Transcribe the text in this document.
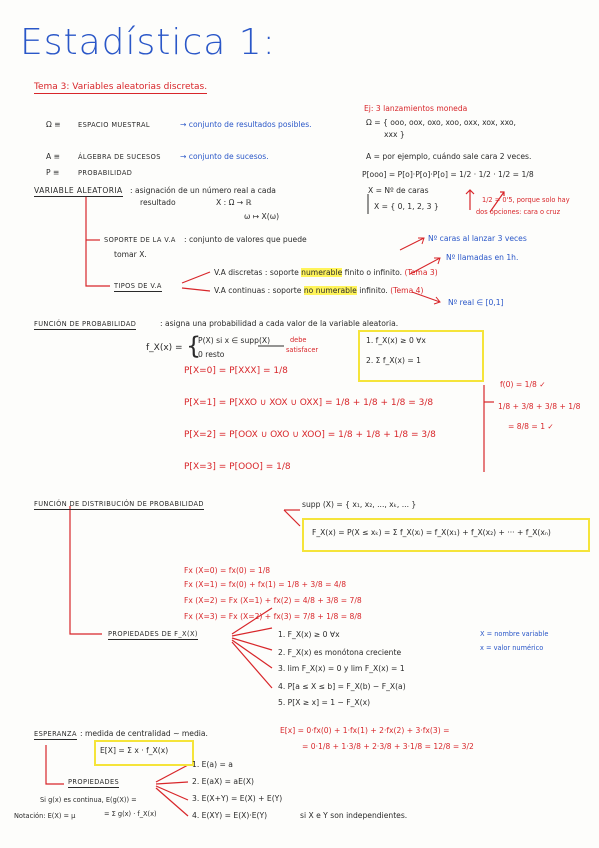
Estadística 1:
Tema 3: Variables aleatorias discretas.
Ej: 3 lanzamientos moneda
Ω = { ooo, oox, oxo, xoo, oxx, xox, xxo,
xxx }
A = por ejemplo, cuándo sale cara 2 veces.
P[ooo] = P[o]·P[o]·P[o] = 1/2 · 1/2 · 1/2 = 1/8
1/2 = 0'5, porque solo hay
dos opciones: cara o cruz
X = Nº de caras
X = { 0, 1, 2, 3 }
Nº caras al lanzar 3 veces
Nº llamadas en 1h.
Nº real ∈ [0,1]
Ω ≡	ESPACIO MUESTRAL	→ conjunto de resultados posibles.
A ≡	ÁLGEBRA DE SUCESOS	→ conjunto de sucesos.
P ≡	PROBABILIDAD
VARIABLE ALEATORIA : asignación de un número real a cada
resultado	X : Ω → ℝ
ω ↦ X(ω)
SOPORTE DE LA V.A : conjunto de valores que puede
tomar X.
TIPOS DE V.A
V.A discretas : soporte numerable finito o infinito. (Tema 3)
V.A continuas : soporte no numerable infinito. (Tema 4)
FUNCIÓN DE PROBABILIDAD	: asigna una probabilidad a cada valor de la variable aleatoria.
f_X(x) = {
P(X) si x ∈ supp(X)
0 resto
debe
satisfacer
1. f_X(x) ≥ 0 ∀x
2. Σ f_X(x) = 1
P[X=0] = P[XXX] = 1/8
P[X=1] = P[XXO ∪ XOX ∪ OXX] = 1/8 + 1/8 + 1/8 = 3/8
P[X=2] = P[OOX ∪ OXO ∪ XOO] = 1/8 + 1/8 + 1/8 = 3/8
P[X=3] = P[OOO] = 1/8
f(0) = 1/8 ✓
1/8 + 3/8 + 3/8 + 1/8
= 8/8 = 1 ✓
FUNCIÓN DE DISTRIBUCIÓN DE PROBABILIDAD	supp (X) = { x₁, x₂, ..., xₖ, ... }
F_X(x) = P(X ≤ xₖ) = Σ f_X(xᵢ) = f_X(x₁) + f_X(x₂) + ··· + f_X(xₙ)
Fx (X=0) = fx(0) = 1/8
Fx (X=1) = fx(0) + fx(1) = 1/8 + 3/8 = 4/8
Fx (X=2) = Fx (X=1) + fx(2) = 4/8 + 3/8 = 7/8
Fx (X=3) = Fx (X=2) + fx(3) = 7/8 + 1/8 = 8/8
PROPIEDADES DE F_X(X)	1. F_X(x) ≥ 0 ∀x
2. F_X(x) es monótona creciente
3. lim F_X(x) = 0 y lim F_X(x) = 1
4. P[a ≤ X ≤ b] = F_X(b) − F_X(a)
5. P[X ≥ x] = 1 − F_X(x)
X = nombre variable
x = valor numérico
ESPERANZA : medida de centralidad ~ media.
E[X] = Σ x · f_X(x)
E[x] = 0·fx(0) + 1·fx(1) + 2·fx(2) + 3·fx(3) =
= 0·1/8 + 1·3/8 + 2·3/8 + 3·1/8 = 12/8 = 3/2
PROPIEDADES
Si g(x) es continua, E(g(X)) =
= Σ g(x) · f_X(x)
Notación: E(X) = μ
1. E(a) = a
2. E(aX) = aE(X)
3. E(X+Y) = E(X) + E(Y)
4. E(XY) = E(X)·E(Y)	si X e Y son independientes.
